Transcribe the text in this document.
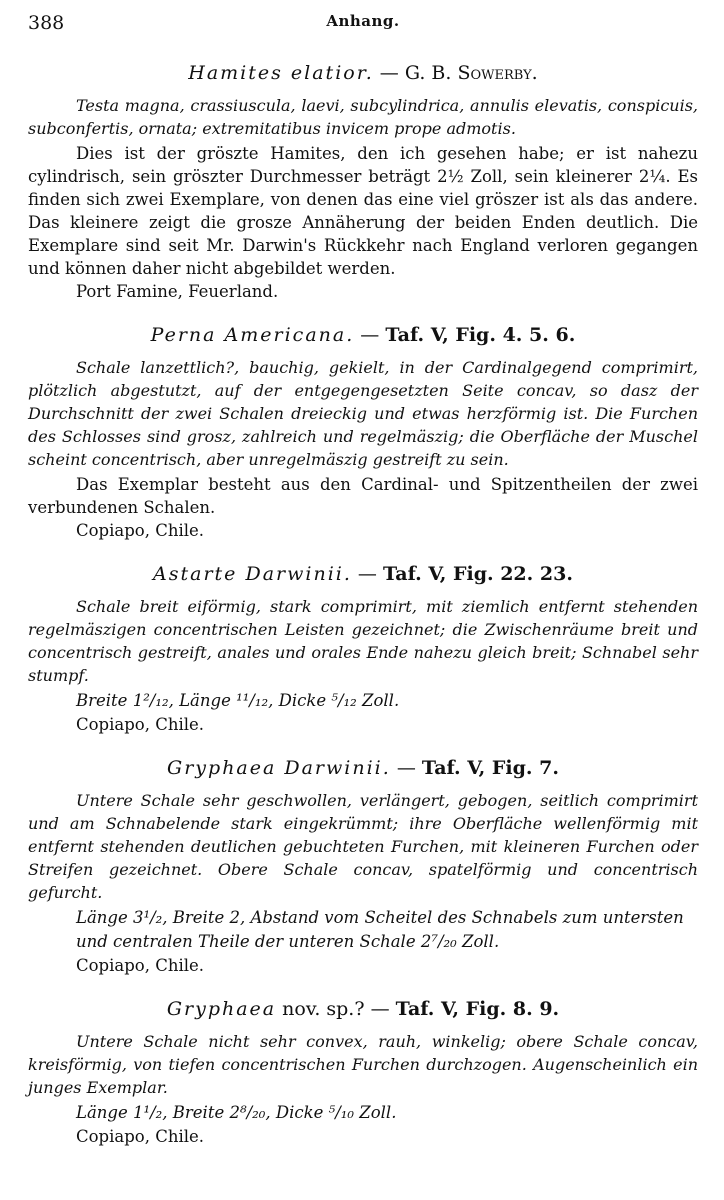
388	Anhang.

Hamites elatior. — G. B. Sowerby.

Testa magna, crassiuscula, laevi, subcylindrica, annulis elevatis, conspicuis, subconfertis, ornata; extremitatibus invicem prope admotis.

Dies ist der gröszte Hamites, den ich gesehen habe; er ist nahezu cylindrisch, sein gröszter Durchmesser beträgt 2½ Zoll, sein kleinerer 2¼. Es finden sich zwei Exemplare, von denen das eine viel gröszer ist als das andere. Das kleinere zeigt die grosze Annäherung der beiden Enden deutlich. Die Exemplare sind seit Mr. Darwin's Rückkehr nach England verloren gegangen und können daher nicht abgebildet werden.

Port Famine, Feuerland.

Perna Americana. — Taf. V, Fig. 4. 5. 6.

Schale lanzettlich?, bauchig, gekielt, in der Cardinalgegend comprimirt, plötzlich abgestutzt, auf der entgegengesetzten Seite concav, so dasz der Durchschnitt der zwei Schalen dreieckig und etwas herzförmig ist. Die Furchen des Schlosses sind grosz, zahlreich und regelmäszig; die Oberfläche der Muschel scheint concentrisch, aber unregelmäszig gestreift zu sein.

Das Exemplar besteht aus den Cardinal- und Spitzentheilen der zwei verbundenen Schalen.

Copiapo, Chile.

Astarte Darwinii. — Taf. V, Fig. 22. 23.

Schale breit eiförmig, stark comprimirt, mit ziemlich entfernt stehenden regelmäszigen concentrischen Leisten gezeichnet; die Zwischenräume breit und concentrisch gestreift, anales und orales Ende nahezu gleich breit; Schnabel sehr stumpf.

Breite 1²/₁₂, Länge ¹¹/₁₂, Dicke ⁵/₁₂ Zoll.

Copiapo, Chile.

Gryphaea Darwinii. — Taf. V, Fig. 7.

Untere Schale sehr geschwollen, verlängert, gebogen, seitlich comprimirt und am Schnabelende stark eingekrümmt; ihre Oberfläche wellenförmig mit entfernt stehenden deutlichen gebuchteten Furchen, mit kleineren Furchen oder Streifen gezeichnet. Obere Schale concav, spatelförmig und concentrisch gefurcht.

Länge 3¹/₂, Breite 2, Abstand vom Scheitel des Schnabels zum untersten und centralen Theile der unteren Schale 2⁷/₂₀ Zoll.

Copiapo, Chile.

Gryphaea nov. sp.? — Taf. V, Fig. 8. 9.

Untere Schale nicht sehr convex, rauh, winkelig; obere Schale concav, kreisförmig, von tiefen concentrischen Furchen durchzogen. Augenscheinlich ein junges Exemplar.

Länge 1¹/₂, Breite 2⁸/₂₀, Dicke ⁵/₁₀ Zoll.

Copiapo, Chile.
